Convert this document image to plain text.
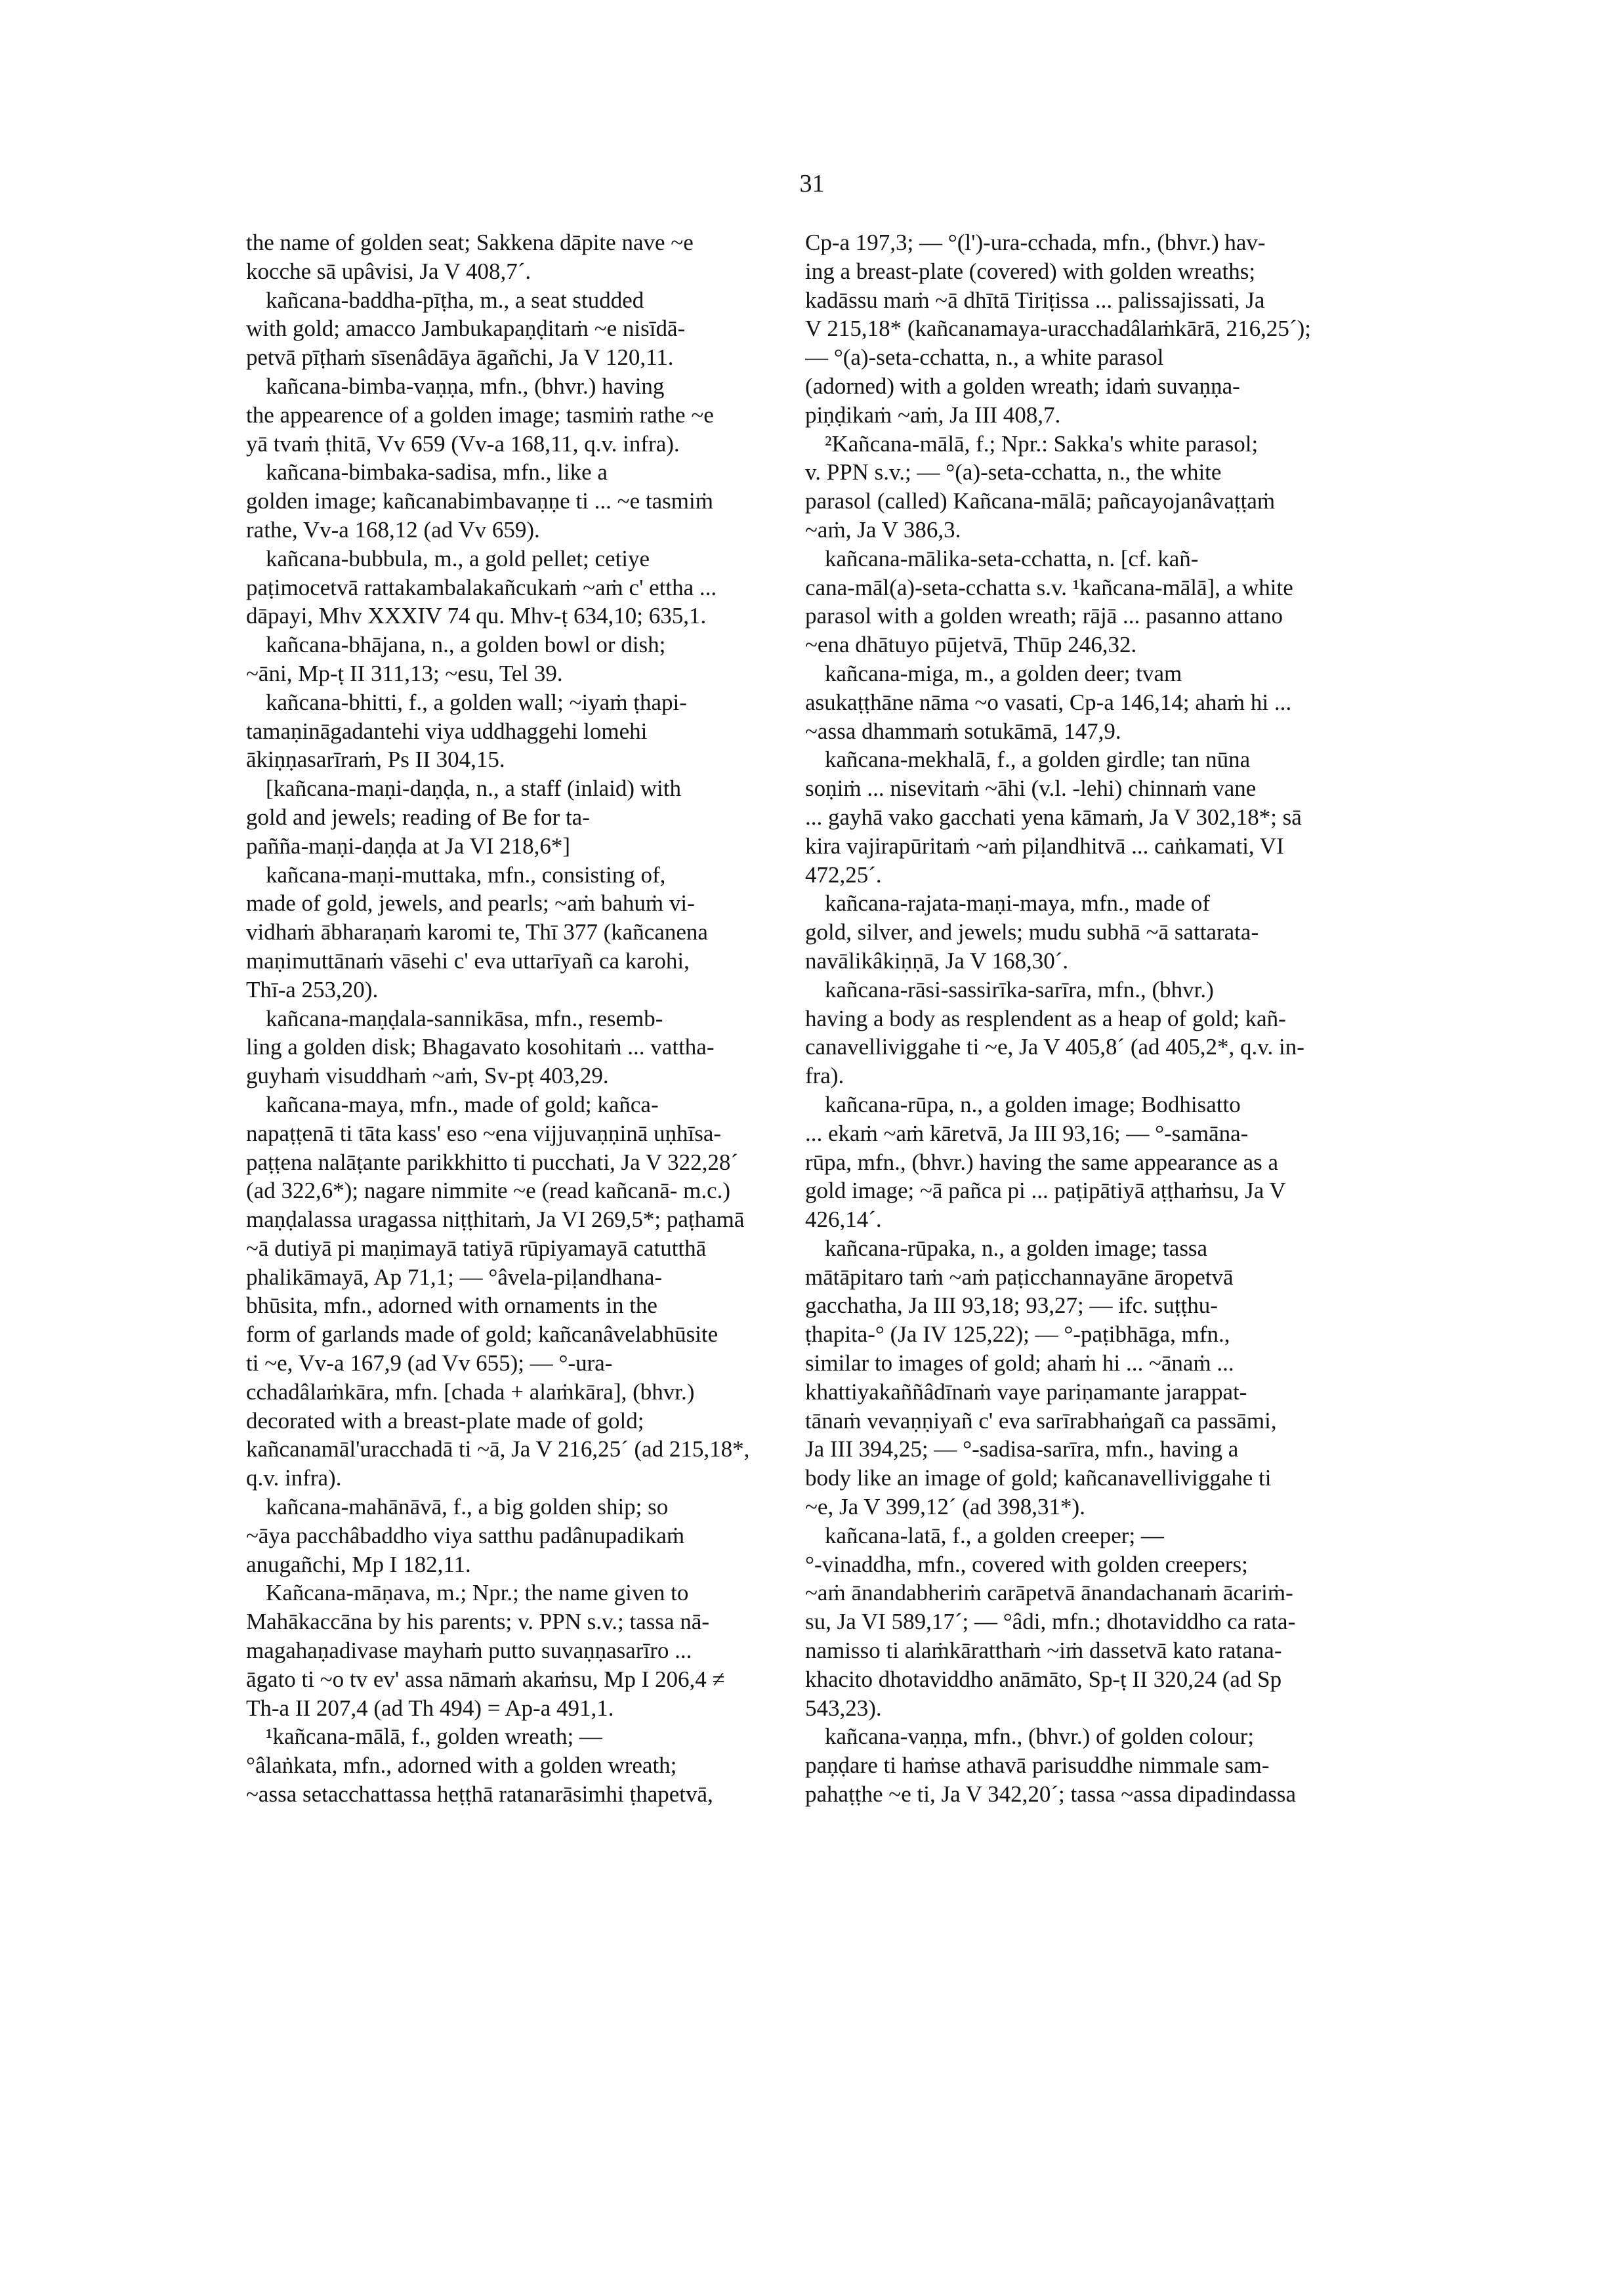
31
the name of golden seat; Sakkena dāpite nave ~e
kocche sā upâvisi, Ja V 408,7´.
kañcana-baddha-pīṭha, m., a seat studded
with gold; amacco Jambukapaṇḍitaṁ ~e nisīdā-
petvā pīṭhaṁ sīsenâdāya āgañchi, Ja V 120,11.
kañcana-bimba-vaṇṇa, mfn., (bhvr.) having
the appearence of a golden image; tasmiṁ rathe ~e
yā tvaṁ ṭhitā, Vv 659 (Vv-a 168,11, q.v. infra).
kañcana-bimbaka-sadisa, mfn., like a
golden image; kañcanabimbavaṇṇe ti ... ~e tasmiṁ
rathe, Vv-a 168,12 (ad Vv 659).
kañcana-bubbula, m., a gold pellet; cetiye
paṭimocetvā rattakambalakañcukaṁ ~aṁ c' ettha ...
dāpayi, Mhv XXXIV 74 qu. Mhv-ṭ 634,10; 635,1.
kañcana-bhājana, n., a golden bowl or dish;
~āni, Mp-ṭ II 311,13; ~esu, Tel 39.
kañcana-bhitti, f., a golden wall; ~iyaṁ ṭhapi-
tamaṇināgadantehi viya uddhaggehi lomehi
ākiṇṇasarīraṁ, Ps II 304,15.
[kañcana-maṇi-daṇḍa, n., a staff (inlaid) with
gold and jewels; reading of Be for ta-
pañña-maṇi-daṇḍa at Ja VI 218,6*]
kañcana-maṇi-muttaka, mfn., consisting of,
made of gold, jewels, and pearls; ~aṁ bahuṁ vi-
vidhaṁ ābharaṇaṁ karomi te, Thī 377 (kañcanena
maṇimuttānaṁ vāsehi c' eva uttarīyañ ca karohi,
Thī-a 253,20).
kañcana-maṇḍala-sannikāsa, mfn., resemb-
ling a golden disk; Bhagavato kosohitaṁ ... vattha-
guyhaṁ visuddhaṁ ~aṁ, Sv-pṭ 403,29.
kañcana-maya, mfn., made of gold; kañca-
napaṭṭenā ti tāta kass' eso ~ena vijjuvaṇṇinā uṇhīsa-
paṭṭena nalāṭante parikkhitto ti pucchati, Ja V 322,28´
(ad 322,6*); nagare nimmite ~e (read kañcanā- m.c.)
maṇḍalassa uragassa niṭṭhitaṁ, Ja VI 269,5*; paṭhamā
~ā dutiyā pi maṇimayā tatiyā rūpiyamayā catutthā
phalikāmayā, Ap 71,1; — °âvela-piḷandhana-
bhūsita, mfn., adorned with ornaments in the
form of garlands made of gold; kañcanâvelabhūsite
ti ~e, Vv-a 167,9 (ad Vv 655); — °-ura-
cchadâlaṁkāra, mfn. [chada + alaṁkāra], (bhvr.)
decorated with a breast-plate made of gold;
kañcanamāl'uracchadā ti ~ā, Ja V 216,25´ (ad 215,18*,
q.v. infra).
kañcana-mahānāvā, f., a big golden ship; so
~āya pacchâbaddho viya satthu padânupadikaṁ
anugañchi, Mp I 182,11.
Kañcana-māṇava, m.; Npr.; the name given to
Mahākaccāna by his parents; v. PPN s.v.; tassa nā-
magahaṇadivase mayhaṁ putto suvaṇṇasarīro ...
āgato ti ~o tv ev' assa nāmaṁ akaṁsu, Mp I 206,4 ≠
Th-a II 207,4 (ad Th 494) = Ap-a 491,1.
¹kañcana-mālā, f., golden wreath; —
°âlaṅkata, mfn., adorned with a golden wreath;
~assa setacchattassa heṭṭhā ratanarāsimhi ṭhapetvā,
Cp-a 197,3; — °(l')-ura-cchada, mfn., (bhvr.) hav-
ing a breast-plate (covered) with golden wreaths;
kadāssu maṁ ~ā dhītā Tiriṭissa ... palissajissati, Ja
V 215,18* (kañcanamaya-uracchadâlaṁkārā, 216,25´);
— °(a)-seta-cchatta, n., a white parasol
(adorned) with a golden wreath; idaṁ suvaṇṇa-
piṇḍikaṁ ~aṁ, Ja III 408,7.
²Kañcana-mālā, f.; Npr.: Sakka's white parasol;
v. PPN s.v.; — °(a)-seta-cchatta, n., the white
parasol (called) Kañcana-mālā; pañcayojanâvaṭṭaṁ
~aṁ, Ja V 386,3.
kañcana-mālika-seta-cchatta, n. [cf. kañ-
cana-māl(a)-seta-cchatta s.v. ¹kañcana-mālā], a white
parasol with a golden wreath; rājā ... pasanno attano
~ena dhātuyo pūjetvā, Thūp 246,32.
kañcana-miga, m., a golden deer; tvam
asukaṭṭhāne nāma ~o vasati, Cp-a 146,14; ahaṁ hi ...
~assa dhammaṁ sotukāmā, 147,9.
kañcana-mekhalā, f., a golden girdle; tan nūna
soṇiṁ ... nisevitaṁ ~āhi (v.l. -lehi) chinnaṁ vane
... gayhā vako gacchati yena kāmaṁ, Ja V 302,18*; sā
kira vajirapūritaṁ ~aṁ piḷandhitvā ... caṅkamati, VI
472,25´.
kañcana-rajata-maṇi-maya, mfn., made of
gold, silver, and jewels; mudu subhā ~ā sattarata-
navālikâkiṇṇā, Ja V 168,30´.
kañcana-rāsi-sassirīka-sarīra, mfn., (bhvr.)
having a body as resplendent as a heap of gold; kañ-
canavelliviggahe ti ~e, Ja V 405,8´ (ad 405,2*, q.v. in-
fra).
kañcana-rūpa, n., a golden image; Bodhisatto
... ekaṁ ~aṁ kāretvā, Ja III 93,16; — °-samāna-
rūpa, mfn., (bhvr.) having the same appearance as a
gold image; ~ā pañca pi ... paṭipātiyā aṭṭhaṁsu, Ja V
426,14´.
kañcana-rūpaka, n., a golden image; tassa
mātāpitaro taṁ ~aṁ paṭicchannayāne āropetvā
gacchatha, Ja III 93,18; 93,27; — ifc. suṭṭhu-
ṭhapita-° (Ja IV 125,22); — °-paṭibhāga, mfn.,
similar to images of gold; ahaṁ hi ... ~ānaṁ ...
khattiyakaññâdīnaṁ vaye pariṇamante jarappat-
tānaṁ vevaṇṇiyañ c' eva sarīrabhaṅgañ ca passāmi,
Ja III 394,25; — °-sadisa-sarīra, mfn., having a
body like an image of gold; kañcanavelliviggahe ti
~e, Ja V 399,12´ (ad 398,31*).
kañcana-latā, f., a golden creeper; —
°-vinaddha, mfn., covered with golden creepers;
~aṁ ānandabheriṁ carāpetvā ānandachanaṁ ācariṁ-
su, Ja VI 589,17´; — °âdi, mfn.; dhotaviddho ca rata-
namisso ti alaṁkāratthaṁ ~iṁ dassetvā kato ratana-
khacito dhotaviddho anāmāto, Sp-ṭ II 320,24 (ad Sp
543,23).
kañcana-vaṇṇa, mfn., (bhvr.) of golden colour;
paṇḍare ti haṁse athavā parisuddhe nimmale sam-
pahaṭṭhe ~e ti, Ja V 342,20´; tassa ~assa dipadindassa
